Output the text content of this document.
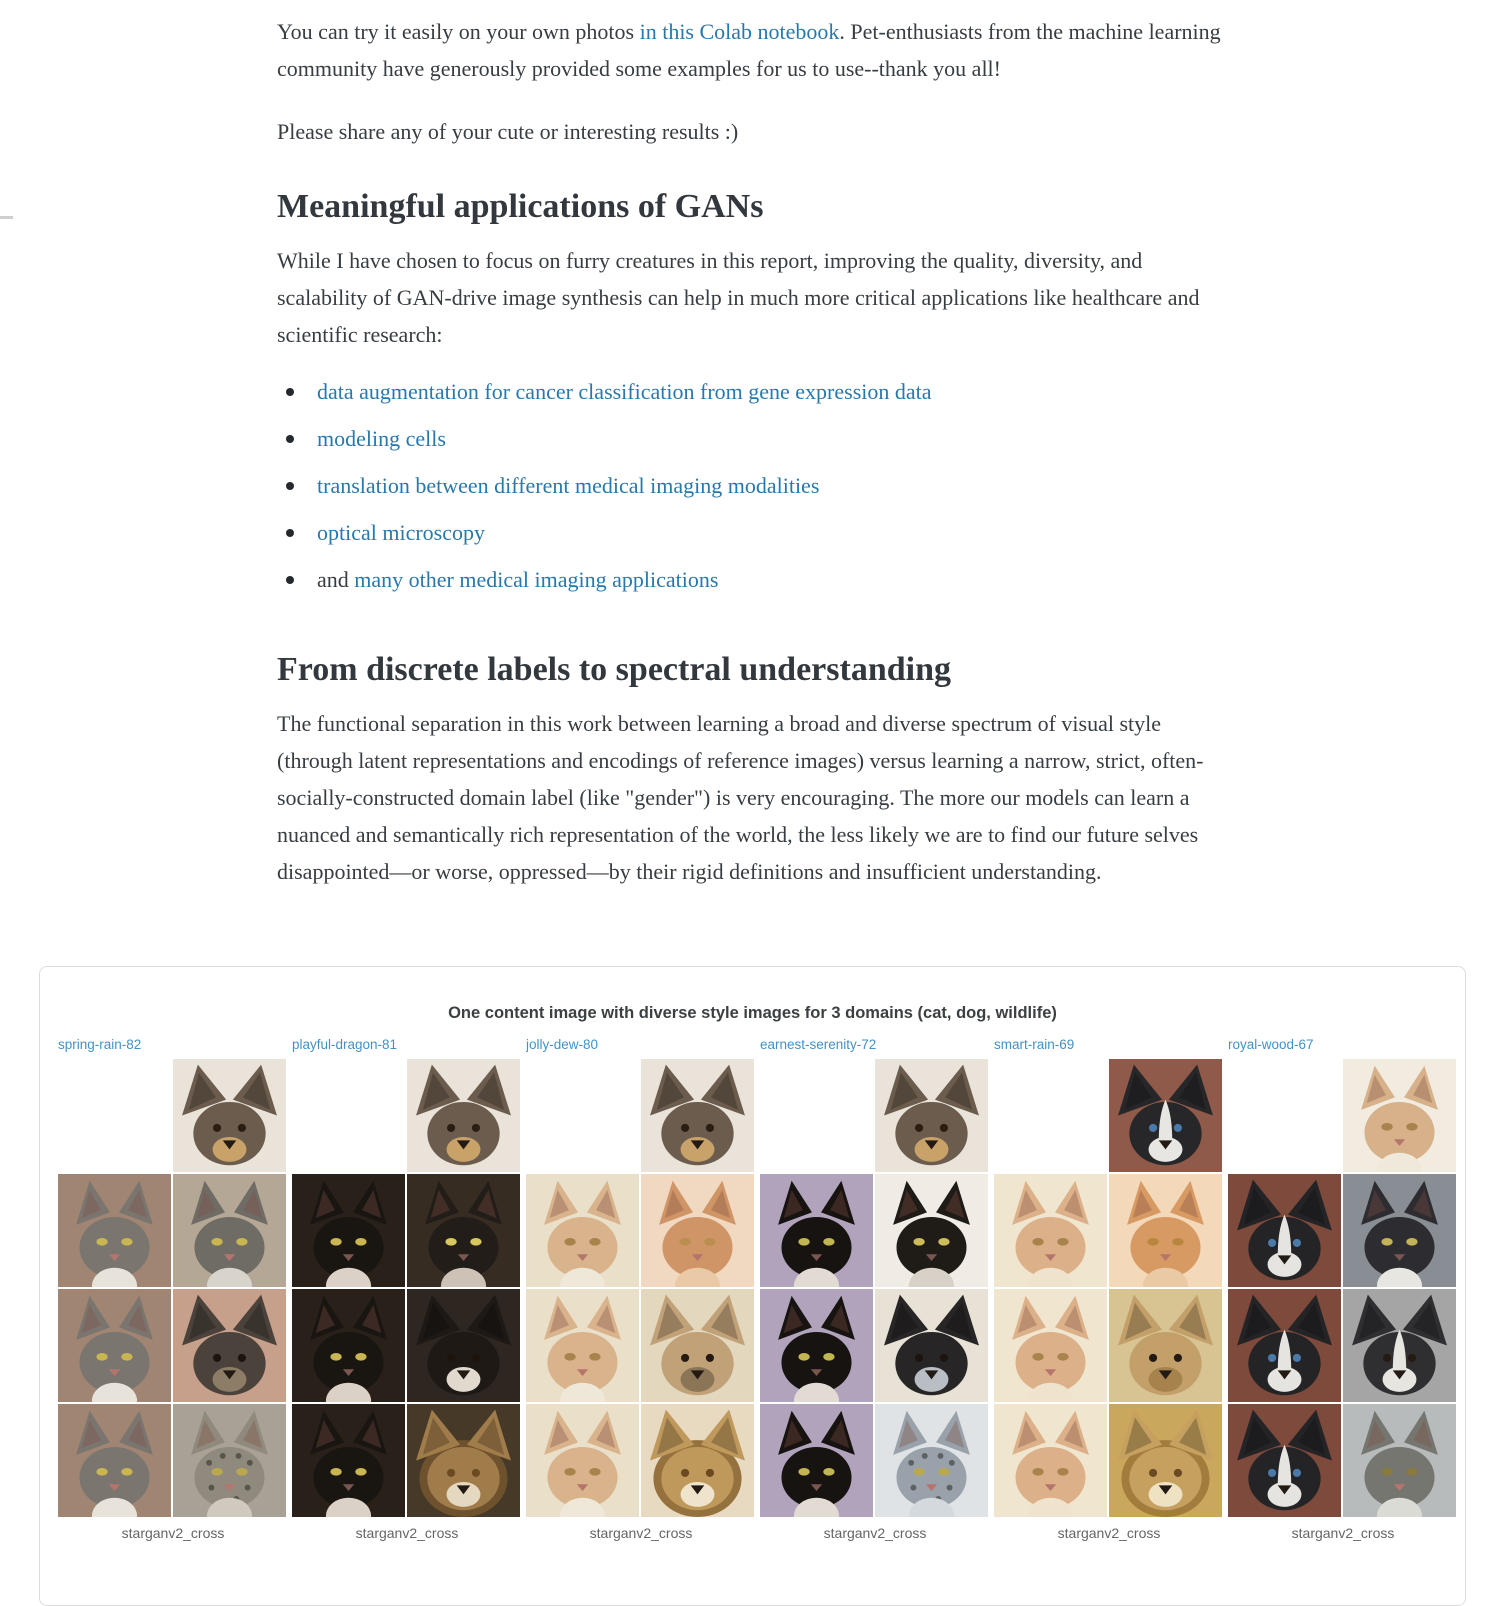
You can try it easily on your own photos in this Colab notebook. Pet-enthusiasts from the machine learning community have generously provided some examples for us to use--thank you all!

Please share any of your cute or interesting results :)

Meaningful applications of GANs

While I have chosen to focus on furry creatures in this report, improving the quality, diversity, and scalability of GAN-drive image synthesis can help in much more critical applications like healthcare and scientific research:

data augmentation for cancer classification from gene expression data
modeling cells
translation between different medical imaging modalities
optical microscopy
and many other medical imaging applications
From discrete labels to spectral understanding

The functional separation in this work between learning a broad and diverse spectrum of visual style (through latent representations and encodings of reference images) versus learning a narrow, strict, often-socially-constructed domain label (like "gender") is very encouraging. The more our models can learn a nuanced and semantically rich representation of the world, the less likely we are to find our future selves disappointed—or worse, oppressed—by their rigid definitions and insufficient understanding.

One content image with diverse style images for 3 domains (cat, dog, wildlife)
spring-rain-82
starganv2_cross
playful-dragon-81
starganv2_cross
jolly-dew-80
starganv2_cross
earnest-serenity-72
starganv2_cross
smart-rain-69
starganv2_cross
royal-wood-67
starganv2_cross
